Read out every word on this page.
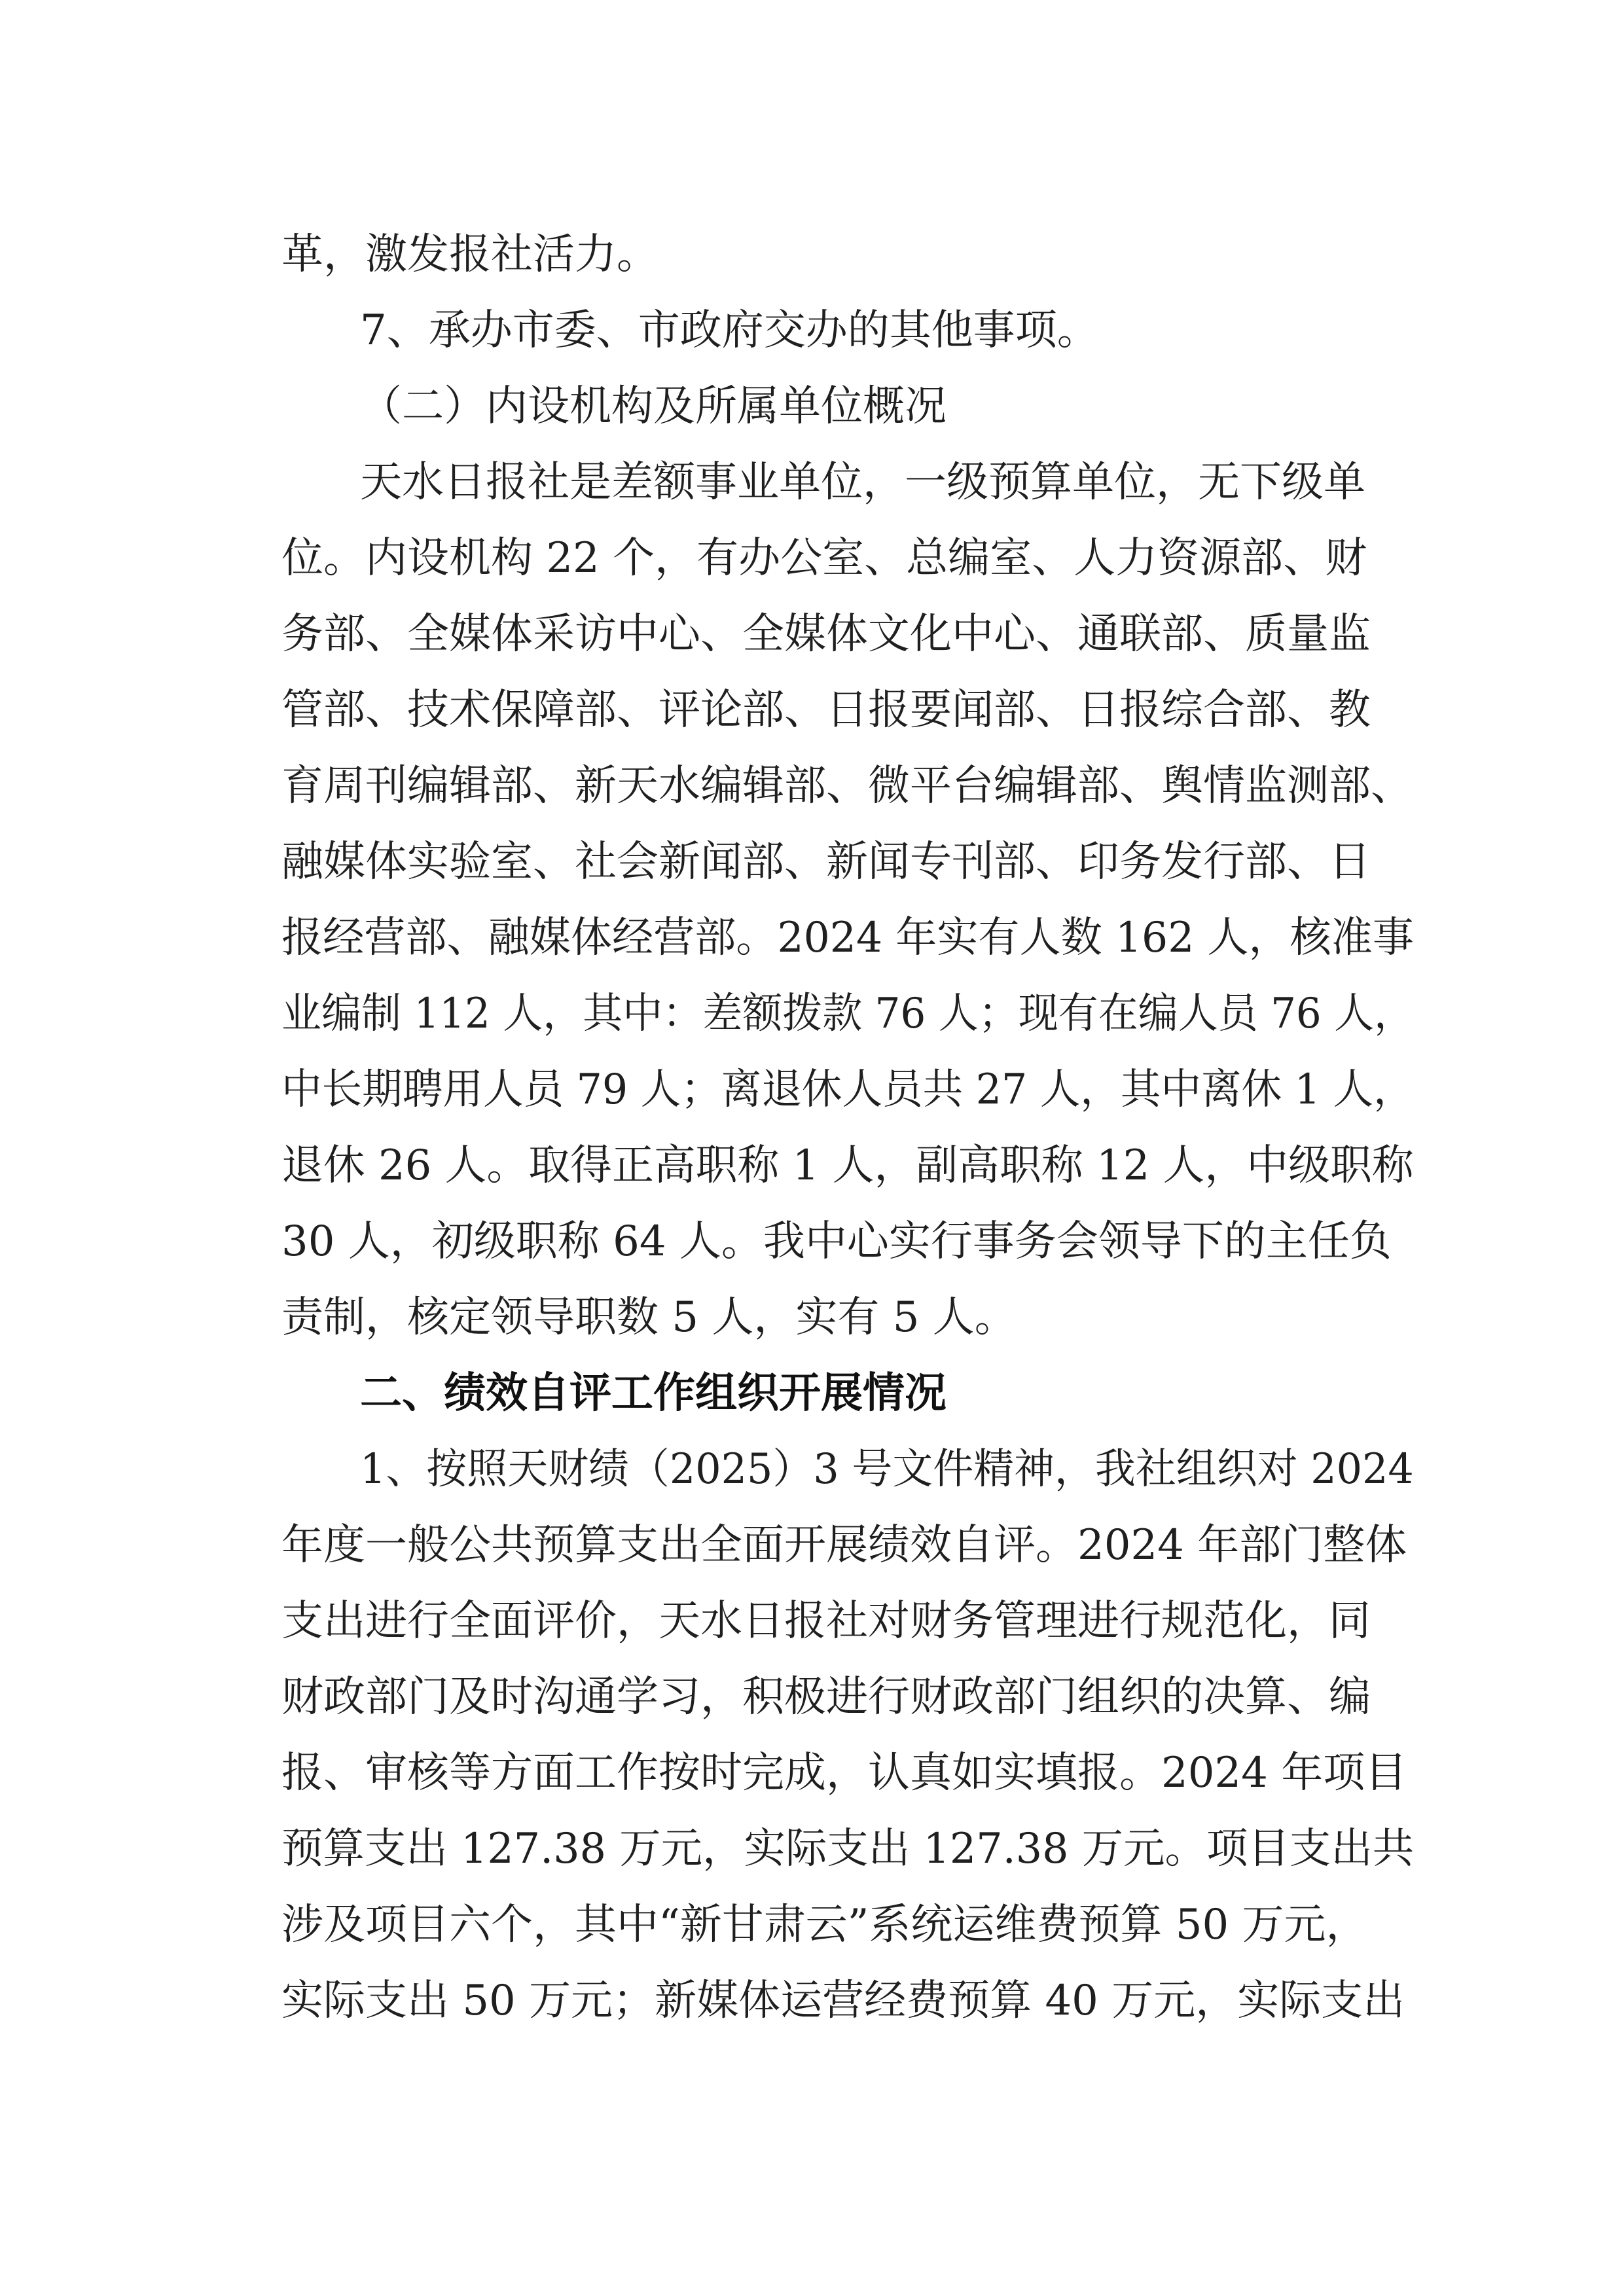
革，激发报社活力。
7、承办市委、市政府交办的其他事项。
（二）内设机构及所属单位概况
天水日报社是差额事业单位，一级预算单位，无下级单
位。内设机构 22 个，有办公室、总编室、人力资源部、财
务部、全媒体采访中心、全媒体文化中心、通联部、质量监
管部、技术保障部、评论部、日报要闻部、日报综合部、教
育周刊编辑部、新天水编辑部、微平台编辑部、舆情监测部、
融媒体实验室、社会新闻部、新闻专刊部、印务发行部、日
报经营部、融媒体经营部。2024 年实有人数 162 人，核准事
业编制 112 人，其中：差额拨款 76 人；现有在编人员 76 人，
中长期聘用人员 79 人；离退休人员共 27 人，其中离休 1 人，
退休 26 人。取得正高职称 1 人，副高职称 12 人，中级职称
30 人，初级职称 64 人。我中心实行事务会领导下的主任负
责制，核定领导职数 5 人，实有 5 人。
二、绩效自评工作组织开展情况
1、按照天财绩（2025）3 号文件精神，我社组织对 2024
年度一般公共预算支出全面开展绩效自评。2024 年部门整体
支出进行全面评价，天水日报社对财务管理进行规范化，同
财政部门及时沟通学习，积极进行财政部门组织的决算、编
报、审核等方面工作按时完成，认真如实填报。2024 年项目
预算支出 127.38 万元，实际支出 127.38 万元。项目支出共
涉及项目六个，其中“新甘肃云”系统运维费预算 50 万元，
实际支出 50 万元；新媒体运营经费预算 40 万元，实际支出
